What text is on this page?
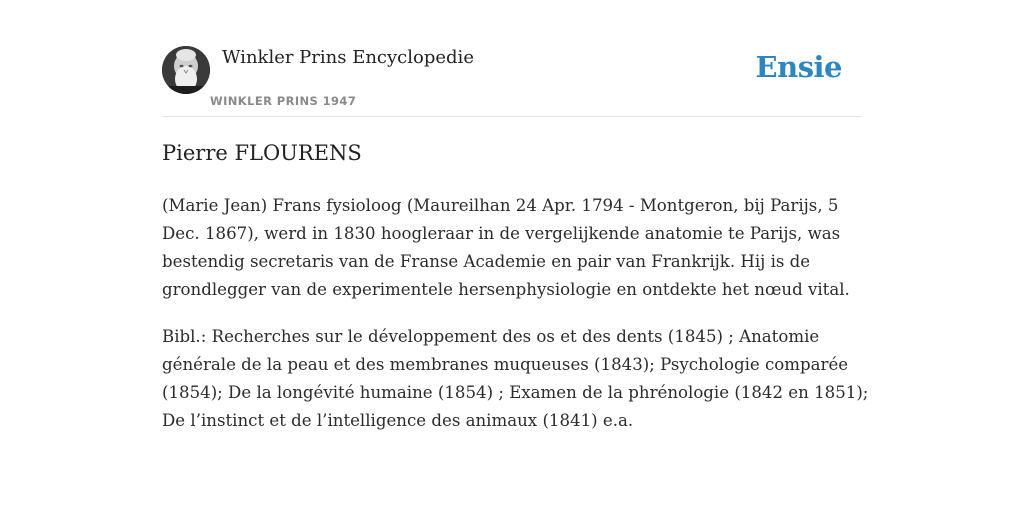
Winkler Prins Encyclopedie
WINKLER PRINS 1947
Ensie
Pierre FLOURENS

(Marie Jean) Frans fysioloog (Maureilhan 24 Apr. 1794 - Montgeron, bij Parijs, 5 Dec. 1867), werd in 1830 hoogleraar in de vergelijkende anatomie te Parijs, was bestendig secretaris van de Franse Academie en pair van Frankrijk. Hij is de grondlegger van de experimentele hersenphysiologie en ontdekte het nœud vital.

Bibl.: Recherches sur le développement des os et des dents (1845) ; Anatomie générale de la peau et des membranes muqueuses (1843); Psychologie comparée (1854); De la longévité humaine (1854) ; Examen de la phrénologie (1842 en 1851); De l’instinct et de l’intelligence des animaux (1841) e.a.
